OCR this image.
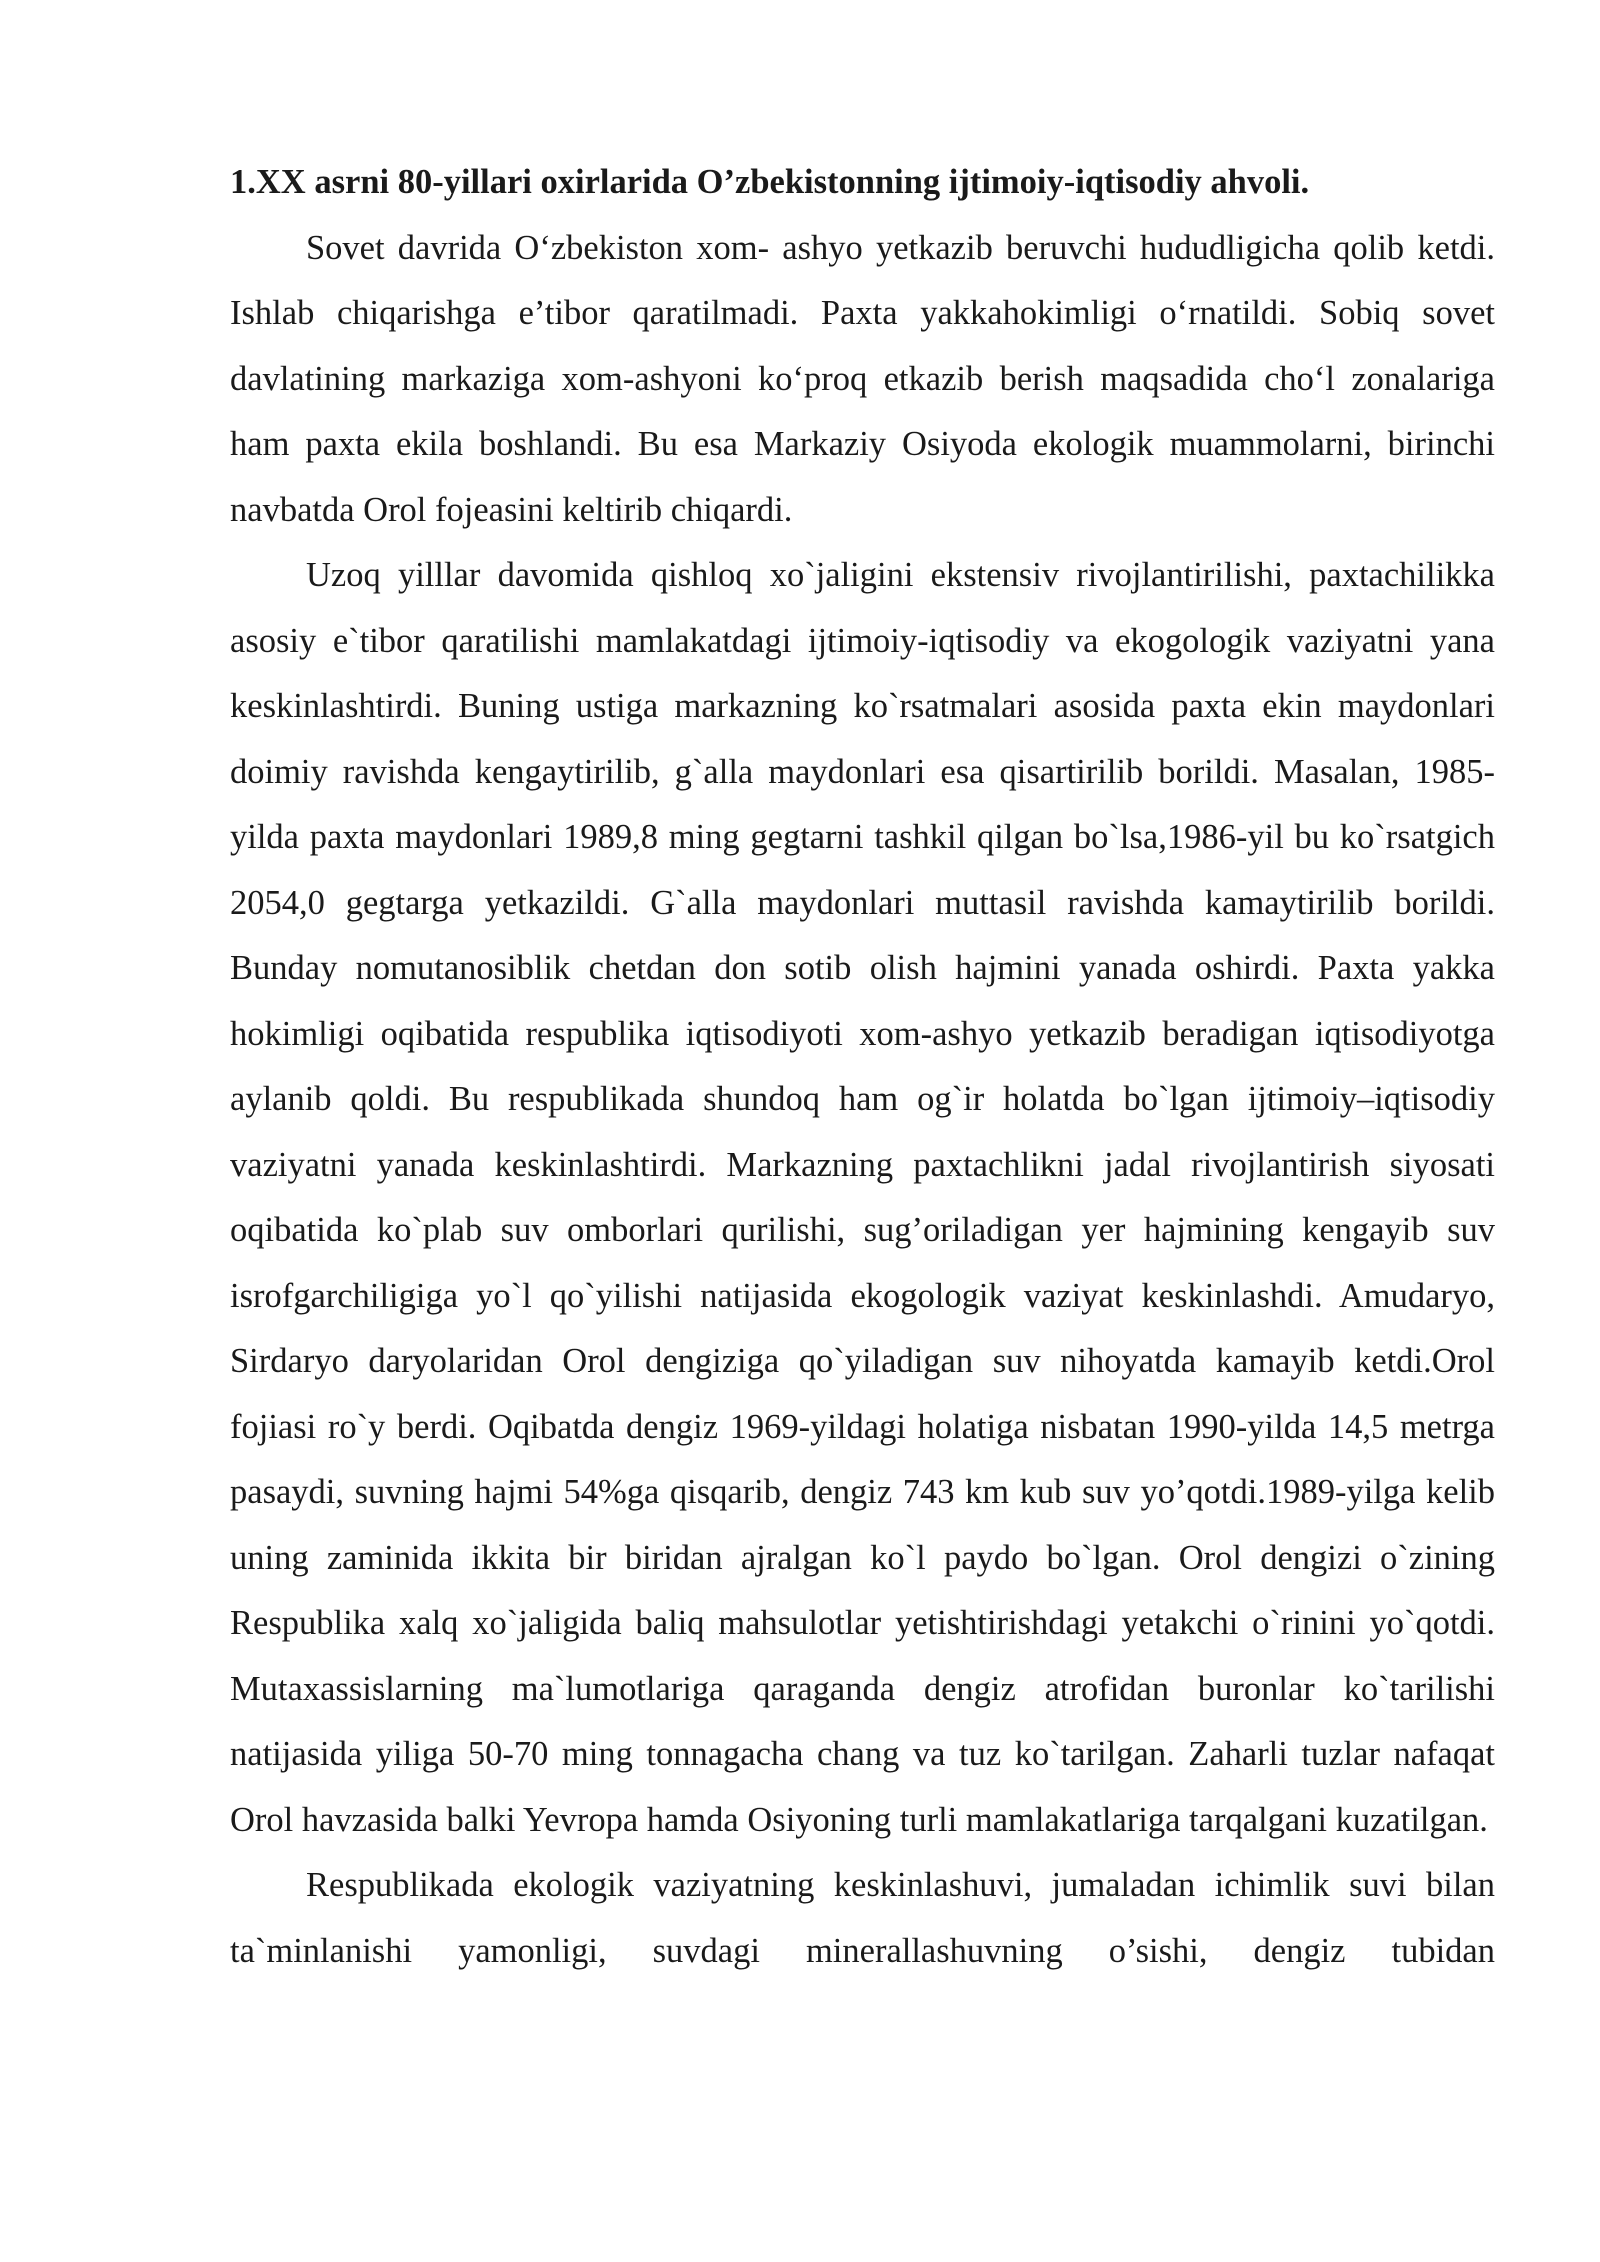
1.XX asrni 80-yillari oxirlarida O’zbekistonning ijtimoiy-iqtisodiy ahvoli.

Sovet davrida O‘zbekiston xom- ashyo yetkazib beruvchi hududligicha qolib ketdi. Ishlab chiqarishga e’tibor qaratilmadi. Paxta yakkahokimligi o‘rnatildi. Sobiq sovet davlatining markaziga xom-ashyoni ko‘proq etkazib berish maqsadida cho‘l zonalariga ham paxta ekila boshlandi. Bu esa Markaziy Osiyoda ekologik muammolarni, birinchi navbatda Orol fojeasini keltirib chiqardi.

Uzoq yilllar davomida qishloq xo`jaligini ekstensiv rivojlantirilishi, paxtachilikka asosiy e`tibor qaratilishi mamlakatdagi ijtimoiy-iqtisodiy va ekogologik vaziyatni yana keskinlashtirdi. Buning ustiga markazning ko`rsatmalari asosida paxta ekin maydonlari doimiy ravishda kengaytirilib, g`alla maydonlari esa qisartirilib borildi. Masalan, 1985-yilda paxta maydonlari 1989,8 ming gegtarni tashkil qilgan bo`lsa,1986-yil bu ko`rsatgich 2054,0 gegtarga yetkazildi. G`alla maydonlari muttasil ravishda kamaytirilib borildi. Bunday nomutanosiblik chetdan don sotib olish hajmini yanada oshirdi. Paxta yakka hokimligi oqibatida respublika iqtisodiyoti xom-ashyo yetkazib beradigan iqtisodiyotga aylanib qoldi. Bu respublikada shundoq ham og`ir holatda bo`lgan ijtimoiy–iqtisodiy vaziyatni yanada keskinlashtirdi. Markazning paxtachlikni jadal rivojlantirish siyosati oqibatida ko`plab suv omborlari qurilishi, sug’oriladigan yer hajmining kengayib suv isrofgarchiligiga yo`l qo`yilishi natijasida ekogologik vaziyat keskinlashdi. Amudaryo, Sirdaryo daryolaridan Orol dengiziga qo`yiladigan suv nihoyatda kamayib ketdi.Orol fojiasi ro`y berdi. Oqibatda dengiz 1969-yildagi holatiga nisbatan 1990-yilda 14,5 metrga pasaydi, suvning hajmi 54%ga qisqarib, dengiz 743 km kub suv yo’qotdi.1989-yilga kelib uning zaminida ikkita bir biridan ajralgan ko`l paydo bo`lgan. Orol dengizi o`zining Respublika xalq xo`jaligida baliq mahsulotlar yetishtirishdagi yetakchi o`rinini yo`qotdi. Mutaxassislarning ma`lumotlariga qaraganda dengiz atrofidan buronlar ko`tarilishi natijasida yiliga 50-70 ming tonnagacha chang va tuz ko`tarilgan. Zaharli tuzlar nafaqat Orol havzasida balki Yevropa hamda Osiyoning turli mamlakatlariga tarqalgani kuzatilgan.

Respublikada ekologik vaziyatning keskinlashuvi, jumaladan ichimlik suvi bilan ta`minlanishi yamonligi, suvdagi minerallashuvning o’sishi, dengiz tubidan
